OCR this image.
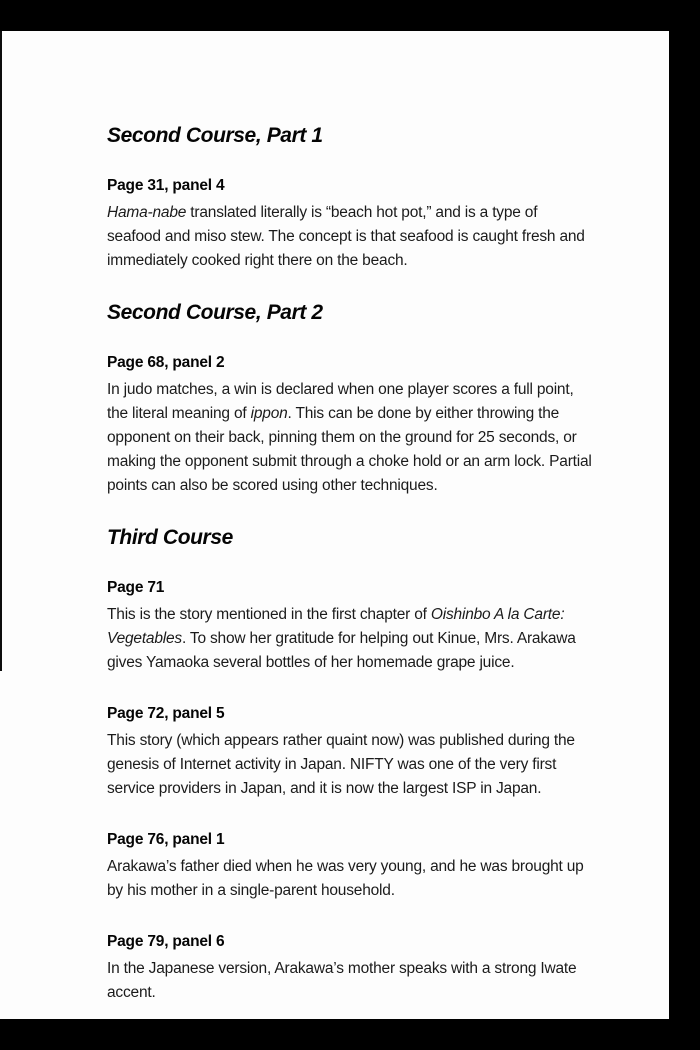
Second Course, Part 1
Page 31, panel 4

Hama-nabe translated literally is “beach hot pot,” and is a type of seafood and miso stew. The concept is that seafood is caught fresh and immediately cooked right there on the beach.

Second Course, Part 2
Page 68, panel 2

In judo matches, a win is declared when one player scores a full point, the literal meaning of ippon. This can be done by either throwing the opponent on their back, pinning them on the ground for 25 seconds, or making the opponent submit through a choke hold or an arm lock. Partial points can also be scored using other techniques.

Third Course
Page 71

This is the story mentioned in the first chapter of Oishinbo A la Carte: Vegetables. To show her gratitude for helping out Kinue, Mrs. Arakawa gives Yamaoka several bottles of her homemade grape juice.

Page 72, panel 5

This story (which appears rather quaint now) was published during the genesis of Internet activity in Japan. NIFTY was one of the very first service providers in Japan, and it is now the largest ISP in Japan.

Page 76, panel 1

Arakawa’s father died when he was very young, and he was brought up by his mother in a single-parent household.

Page 79, panel 6

In the Japanese version, Arakawa’s mother speaks with a strong Iwate accent.
